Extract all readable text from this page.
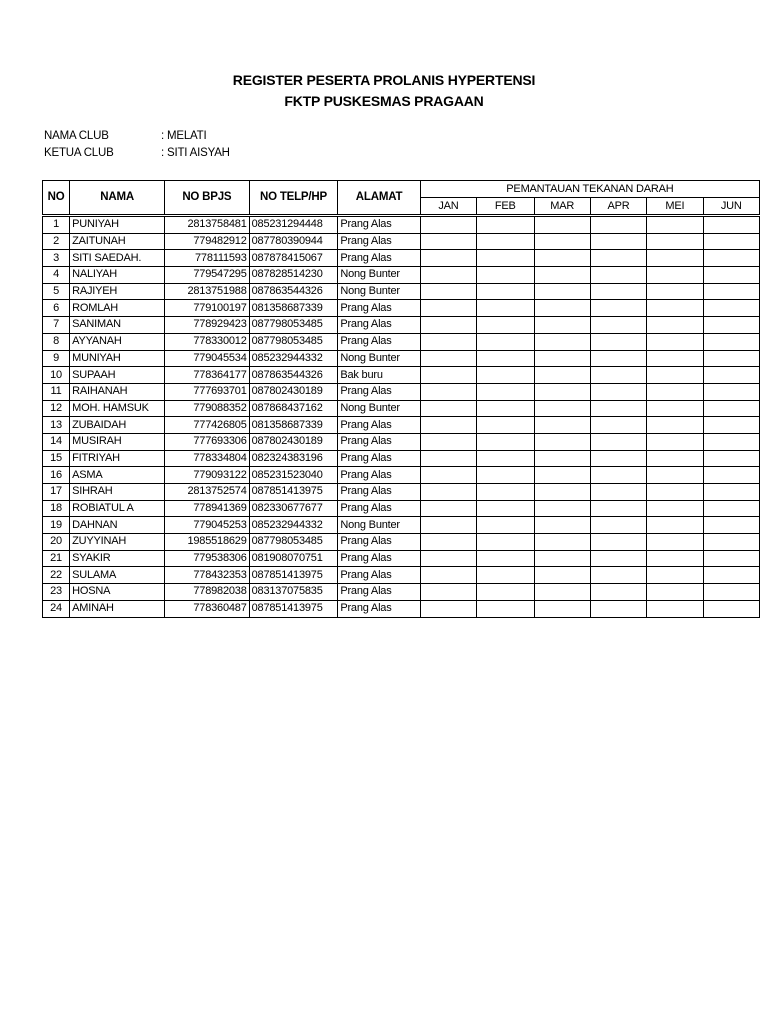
REGISTER PESERTA PROLANIS HYPERTENSI
FKTP PUSKESMAS PRAGAAN
NAMA CLUB	: MELATI
KETUA CLUB	: SITI AISYAH
NO	NAMA	NO BPJS	NO TELP/HP	ALAMAT	PEMANTAUAN TEKANAN DARAH					
					JAN	FEB	MAR	APR	MEI	JUN
1	PUNIYAH	2813758481	085231294448	Prang Alas						
2	ZAITUNAH	779482912	087780390944	Prang Alas						
3	SITI SAEDAH.	778111593	087878415067	Prang Alas						
4	NALIYAH	779547295	087828514230	Nong Bunter						
5	RAJIYEH	2813751988	087863544326	Nong Bunter						
6	ROMLAH	779100197	081358687339	Prang Alas						
7	SANIMAN	778929423	087798053485	Prang Alas						
8	AYYANAH	778330012	087798053485	Prang Alas						
9	MUNIYAH	779045534	085232944332	Nong Bunter						
10	SUPAAH	778364177	087863544326	Bak buru						
11	RAIHANAH	777693701	087802430189	Prang Alas						
12	MOH. HAMSUK	779088352	087868437162	Nong Bunter						
13	ZUBAIDAH	777426805	081358687339	Prang Alas						
14	MUSIRAH	777693306	087802430189	Prang Alas						
15	FITRIYAH	778334804	082324383196	Prang Alas						
16	ASMA	779093122	085231523040	Prang Alas						
17	SIHRAH	2813752574	087851413975	Prang Alas						
18	ROBIATUL A	778941369	082330677677	Prang Alas						
19	DAHNAN	779045253	085232944332	Nong Bunter						
20	ZUYYINAH	1985518629	087798053485	Prang Alas						
21	SYAKIR	779538306	081908070751	Prang Alas						
22	SULAMA	778432353	087851413975	Prang Alas						
23	HOSNA	778982038	083137075835	Prang Alas						
24	AMINAH	778360487	087851413975	Prang Alas						
